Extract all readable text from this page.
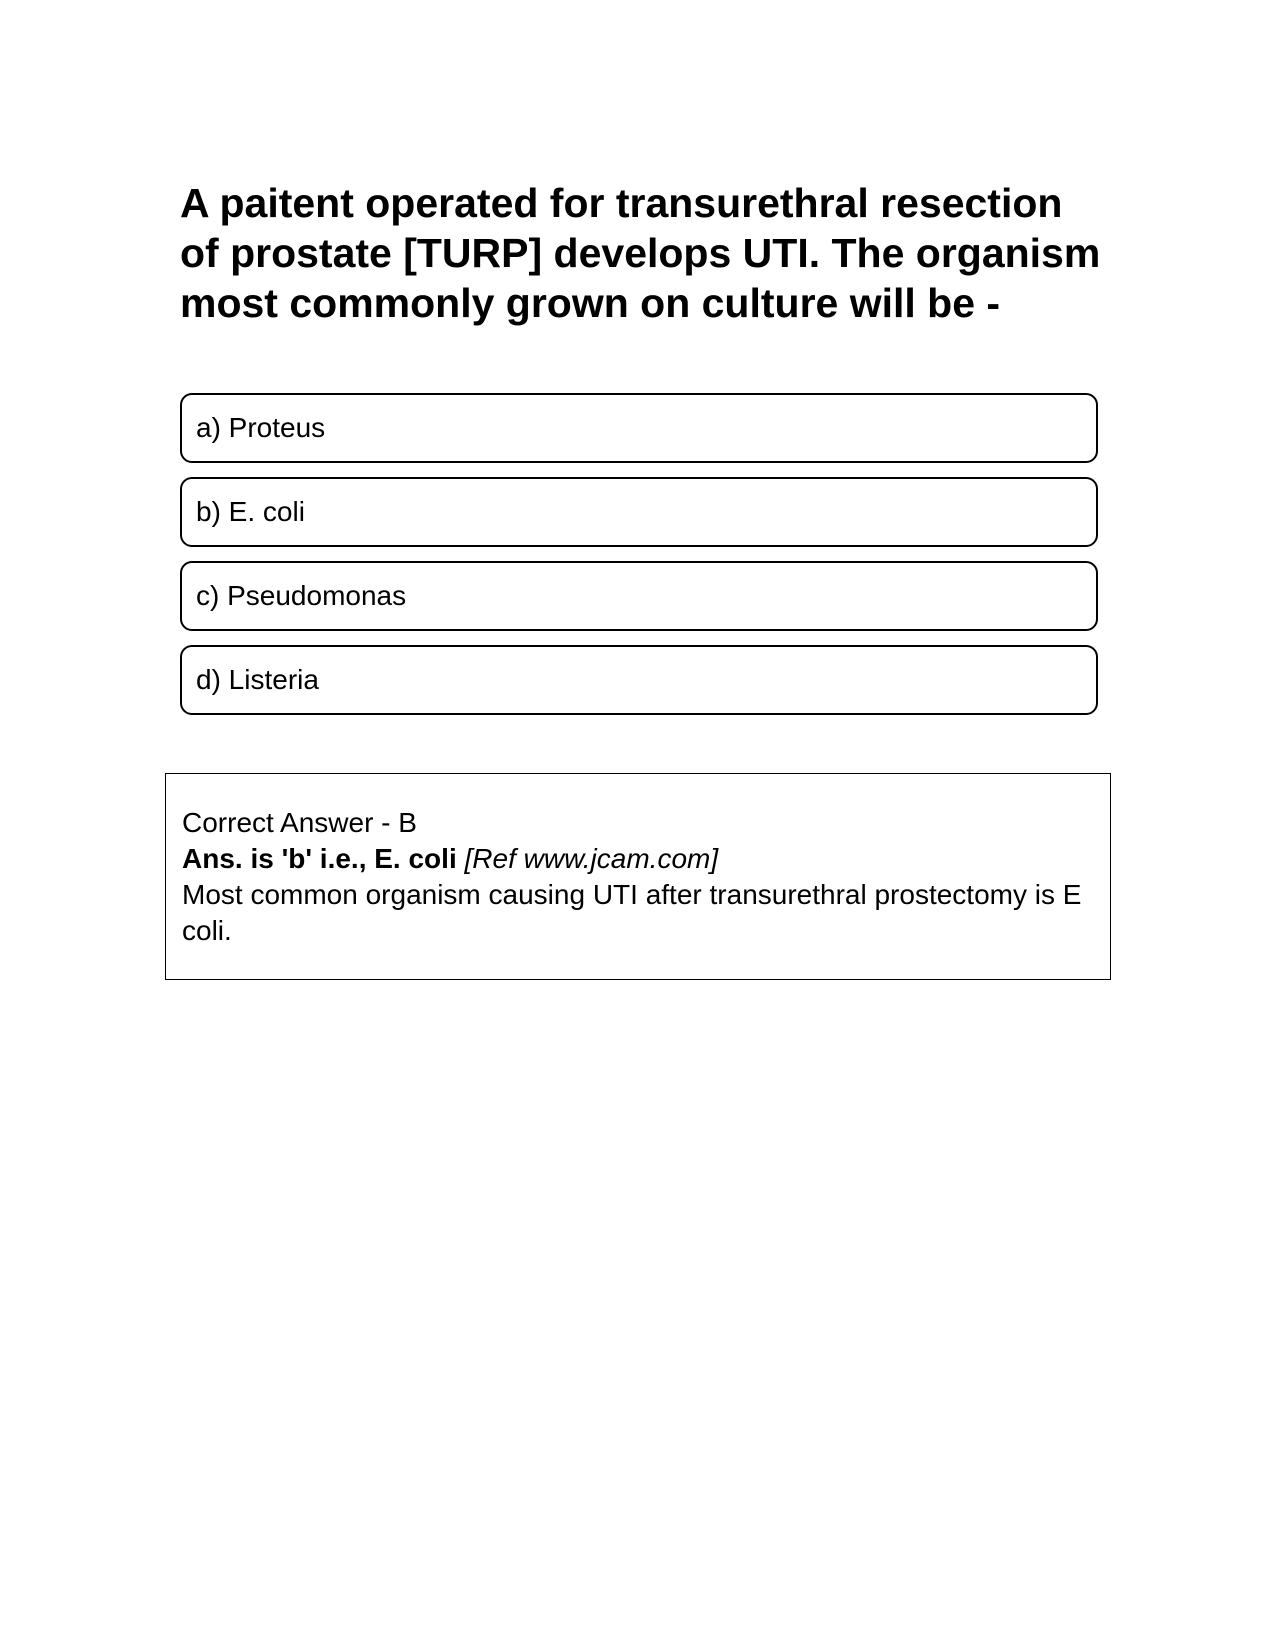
A paitent operated for transurethral resection of prostate [TURP] develops UTI. The organism most commonly grown on culture will be -
a) Proteus
b) E. coli
c) Pseudomonas
d) Listeria
Correct Answer - B
Ans. is 'b' i.e., E. coli [Ref www.jcam.com]
Most common organism causing UTI after transurethral prostectomy is E coli.
